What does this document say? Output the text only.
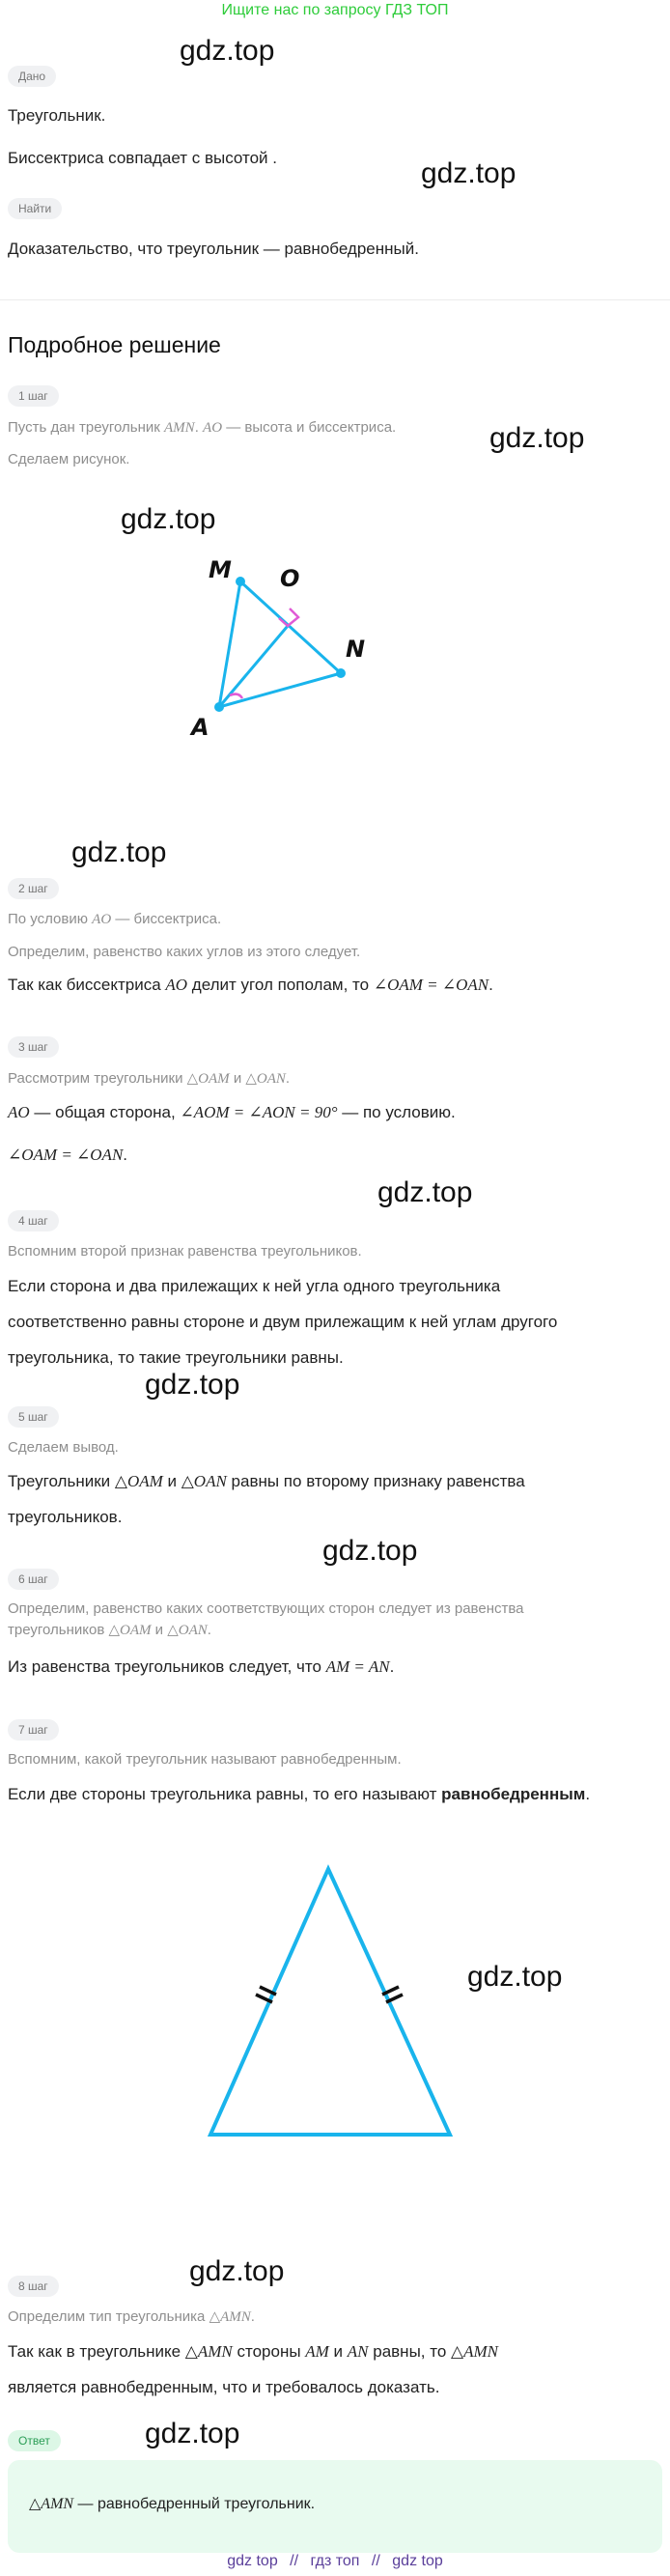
Ищите нас по запросу ГДЗ ТОП
gdz.top
gdz.top
gdz.top
gdz.top
gdz.top
gdz.top
gdz.top
gdz.top
gdz.top
gdz.top
gdz.top
Дано
Треугольник.
Биссектриса совпадает с высотой .
Найти
Доказательство, что треугольник — равнобедренный.
Подробное решение
1 шаг
Пусть дан треугольник AMN. AO — высота и биссектриса.
Сделаем рисунок.
M O
N
A
2 шаг
По условию AO — биссектриса.
Определим, равенство каких углов из этого следует.
Так как биссектриса AO делит угол пополам, то ∠OAM = ∠OAN.
3 шаг
Рассмотрим треугольники △OAM и △OAN.
AO — общая сторона, ∠AOM = ∠AON = 90° — по условию.
∠OAM = ∠OAN.
4 шаг
Вспомним второй признак равенства треугольников.
Если сторона и два прилежащих к ней угла одного треугольника
соответственно равны стороне и двум прилежащим к ней углам другого
треугольника, то такие треугольники равны.
5 шаг
Сделаем вывод.
Треугольники △OAM и △OAN равны по второму признаку равенства
треугольников.
6 шаг
Определим, равенство каких соответствующих сторон следует из равенства
треугольников △OAM и △OAN.
Из равенства треугольников следует, что AM = AN.
7 шаг
Вспомним, какой треугольник называют равнобедренным.
Если две стороны треугольника равны, то его называют равнобедренным.
8 шаг
Определим тип треугольника △AMN.
Так как в треугольнике △AMN стороны AM и AN равны, то △AMN
является равнобедренным, что и требовалось доказать.
Ответ
△AMN — равнобедренный треугольник.
gdz top // гдз топ // gdz top
